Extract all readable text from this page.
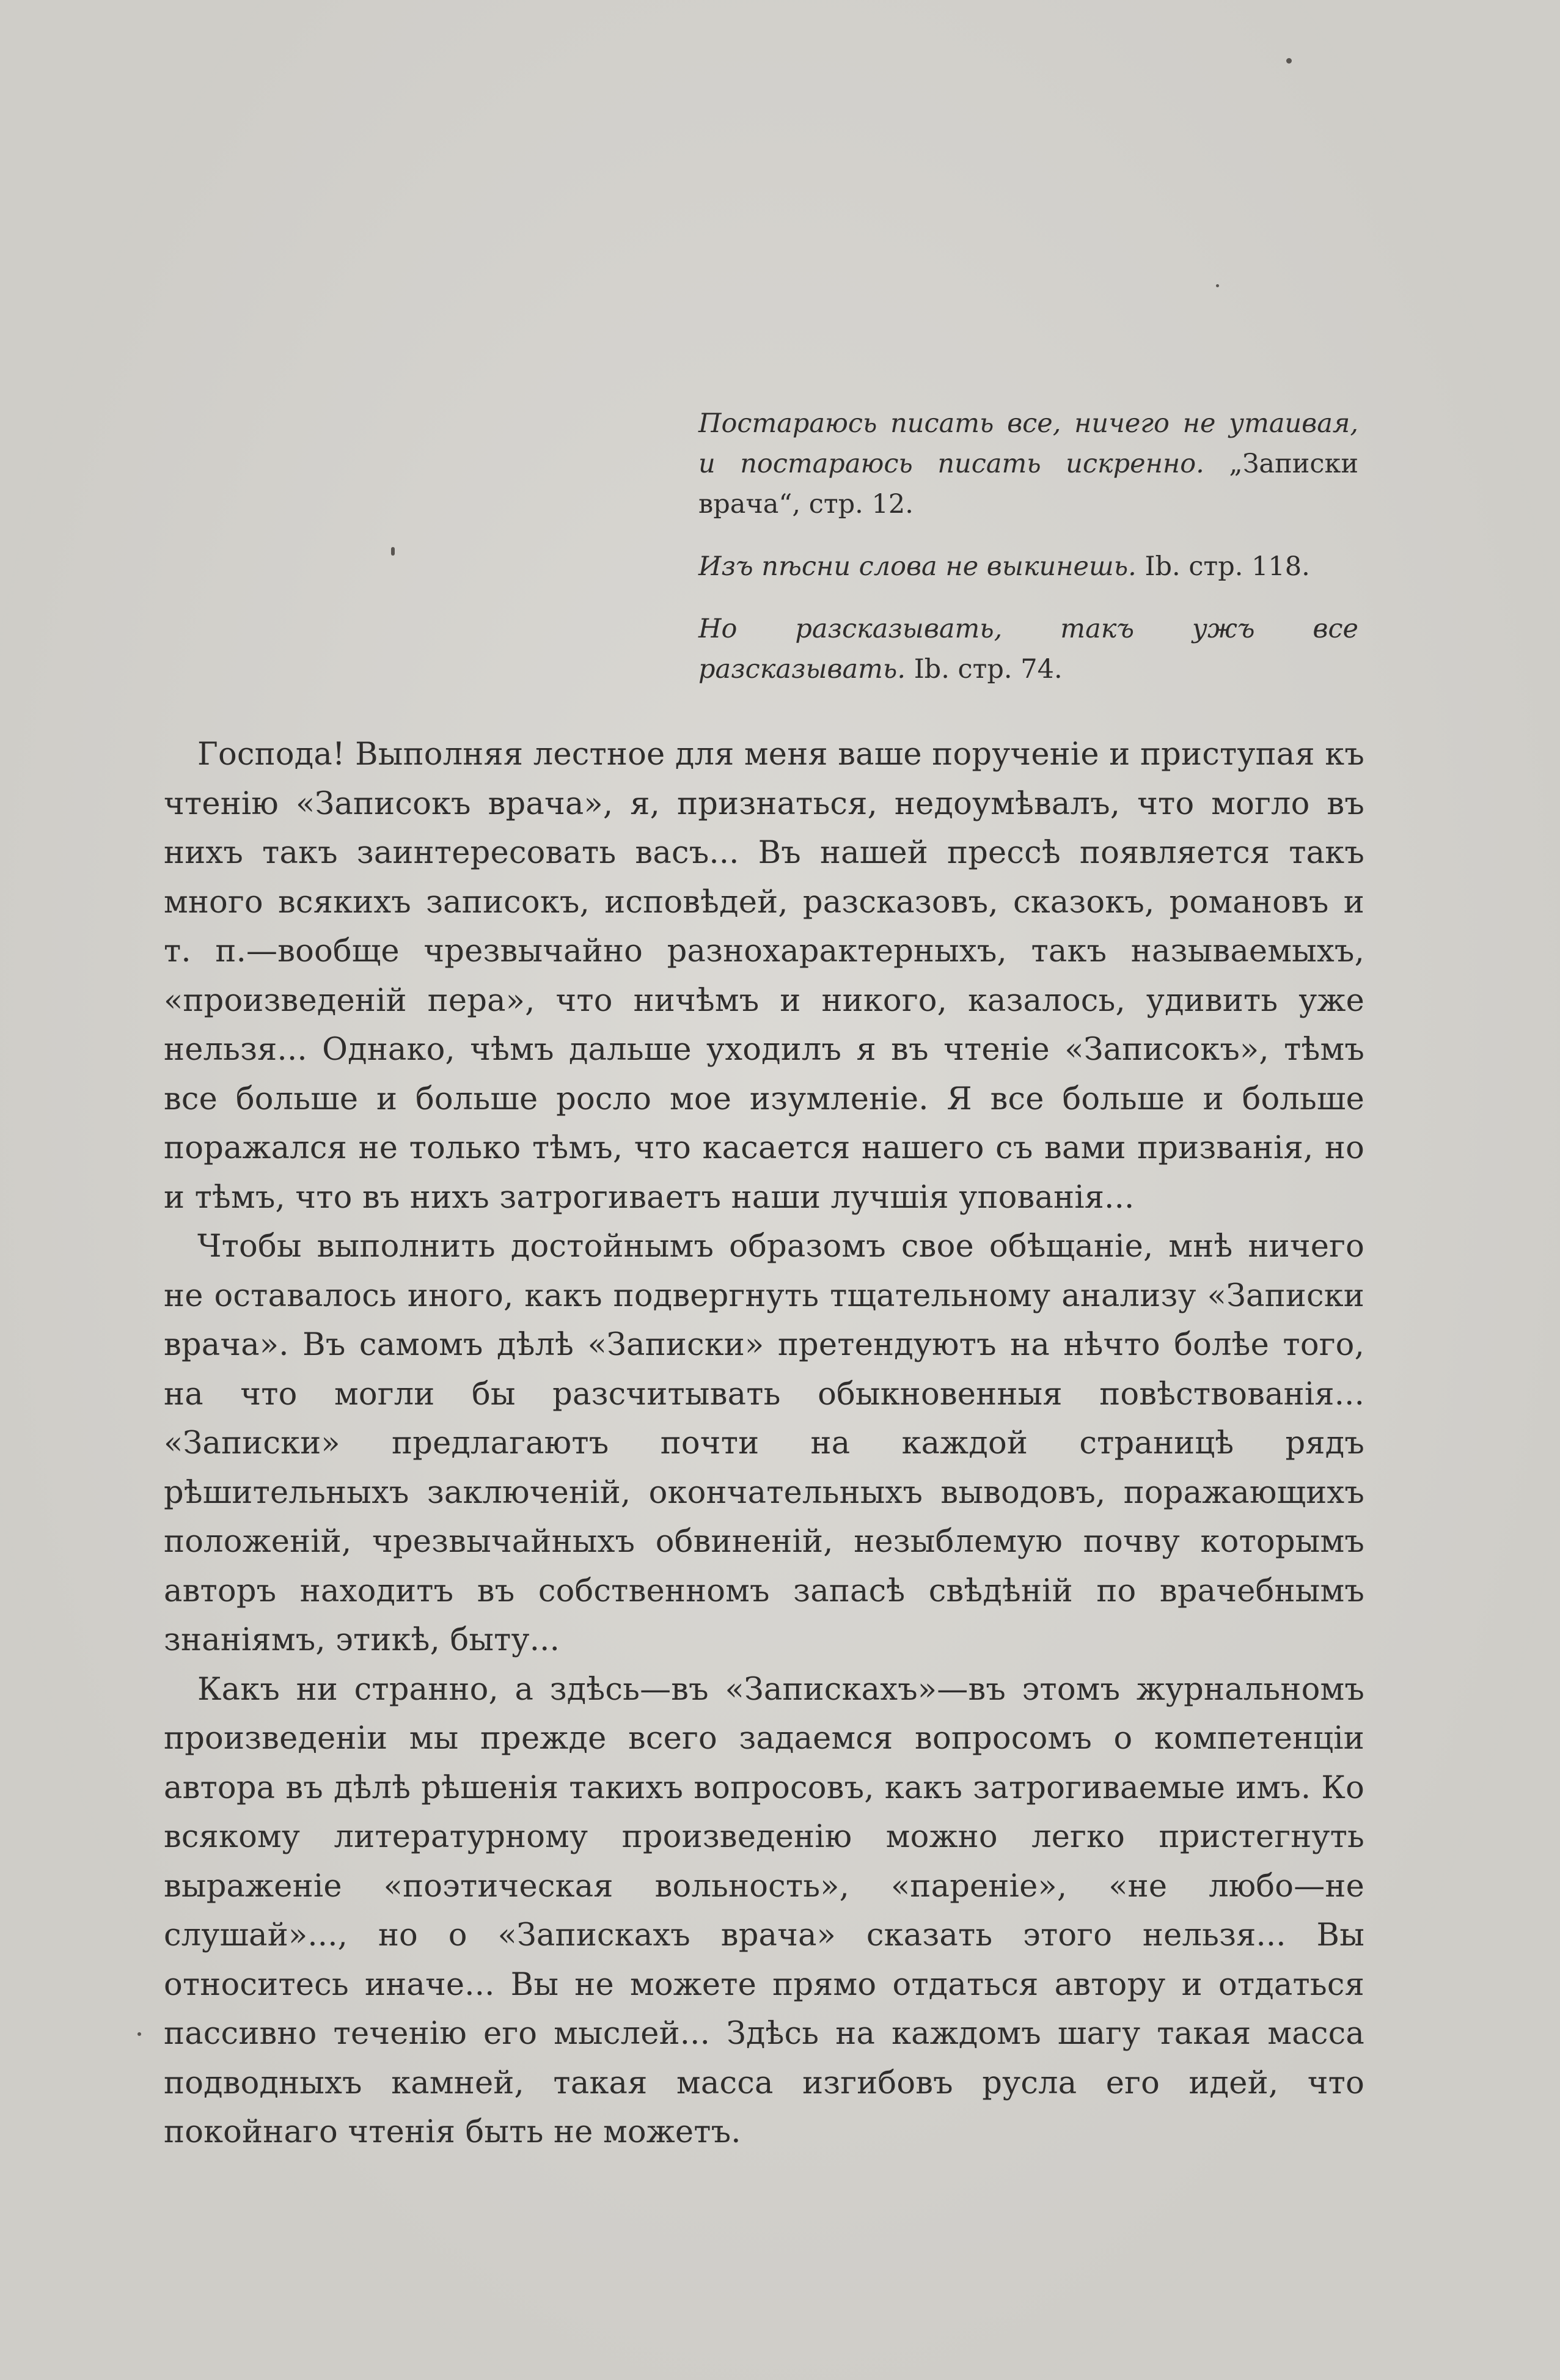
Постараюсь писать все, ничего не утаивая, и постараюсь писать искренно. „Записки врача“, стр. 12.
Изъ пѣсни слова не выкинешь. Ib. стр. 118.
Но разсказывать, такъ ужъ все разсказывать. Ib. стр. 74.

Господа! Выполняя лестное для меня ваше порученіе и приступая къ чтенію «Записокъ врача», я, признаться, недоумѣвалъ, что могло въ нихъ такъ заинтересовать васъ... Въ нашей прессѣ появляется такъ много всякихъ записокъ, исповѣдей, разсказовъ, сказокъ, романовъ и т. п.—вообще чрезвычайно разнохарактерныхъ, такъ называемыхъ, «произведеній пера», что ничѣмъ и никого, казалось, удивить уже нельзя... Однако, чѣмъ дальше уходилъ я въ чтеніе «Записокъ», тѣмъ все больше и больше росло мое изумленіе. Я все больше и больше поражался не только тѣмъ, что касается нашего съ вами призванія, но и тѣмъ, что въ нихъ затрогиваетъ наши лучшія упованія...

Чтобы выполнить достойнымъ образомъ свое обѣщаніе, мнѣ ничего не оставалось иного, какъ подвергнуть тщательному анализу «Записки врача». Въ самомъ дѣлѣ «Записки» претендуютъ на нѣчто болѣе того, на что могли бы разсчитывать обыкновенныя повѣствованія... «Записки» предлагаютъ почти на каждой страницѣ рядъ рѣшительныхъ заключеній, окончательныхъ выводовъ, поражающихъ положеній, чрезвычайныхъ обвиненій, незыблемую почву которымъ авторъ находитъ въ собственномъ запасѣ свѣдѣній по врачебнымъ знаніямъ, этикѣ, быту...

Какъ ни странно, а здѣсь—въ «Запискахъ»—въ этомъ журнальномъ произведеніи мы прежде всего задаемся вопросомъ о компетенціи автора въ дѣлѣ рѣшенія такихъ вопросовъ, какъ затрогиваемые имъ. Ко всякому литературному произведенію можно легко пристегнуть выраженіе «поэтическая вольность», «пареніе», «не любо—не слушай»..., но о «Запискахъ врача» сказать этого нельзя... Вы относитесь иначе... Вы не можете прямо отдаться автору и отдаться пассивно теченію его мыслей... Здѣсь на каждомъ шагу такая масса подводныхъ камней, такая масса изгибовъ русла его идей, что покойнаго чтенія быть не можетъ.
